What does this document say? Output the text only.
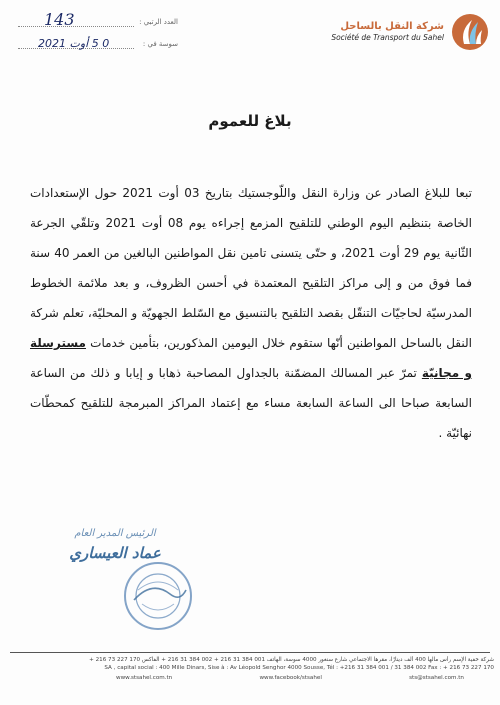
شركة النقل بالساحل
Société de Transport du Sahel
العدد الرتبي :
143
سوسة في :
0 5 أوت 2021
بلاغ للعموم

تبعا للبلاغ الصادر عن وزارة النقل واللّوجستيك بتاريخ 03 أوت 2021 حول الإستعدادات الخاصة بتنظيم اليوم الوطني للتلقيح المزمع إجراءه يوم 08 أوت 2021 وتلقّي الجرعة الثّانية يوم 29 أوت 2021، و حتّى يتسنى تامين نقل المواطنين البالغين من العمر 40 سنة فما فوق من و إلى مراكز التلقيح المعتمدة في أحسن الظروف، و بعد ملائمة الخطوط المدرسيّة لحاجيّات التنقّل بقصد التلقيح بالتنسيق مع السّلط الجهويّة و المحليّة، تعلم شركة النقل بالساحل المواطنين أنّها ستقوم خلال اليومين المذكورين، بتأمين خدمات مسترسلة و مجانيّة تمرّ عبر المسالك المضمّنة بالجداول المصاحبة ذهابا و إيابا و ذلك من الساعة السابعة صباحا الى الساعة السابعة مساء مع إعتماد المراكز المبرمجة للتلقيح كمحطّات نهائيّة .

الرئيس المدير العام
عماد العيساري
شركة خفية الإسم رأس مالها 400 ألف دينارًا، مقرها الاجتماعي شارع سنغور 4000 سوسة، الهاتف 001 384 31 216 + 002 384 31 216 + الفاكس 170 227 73 216 +
SA , capital social : 400 Mille Dinars, Sise à : Av Léopold Senghor 4000 Sousse, Tél : +216 31 384 001 / 31 384 002 Fax : + 216 73 227 170
www.stsahel.com.tn	www.facebook/stsahel	sts@stsahel.com.tn
